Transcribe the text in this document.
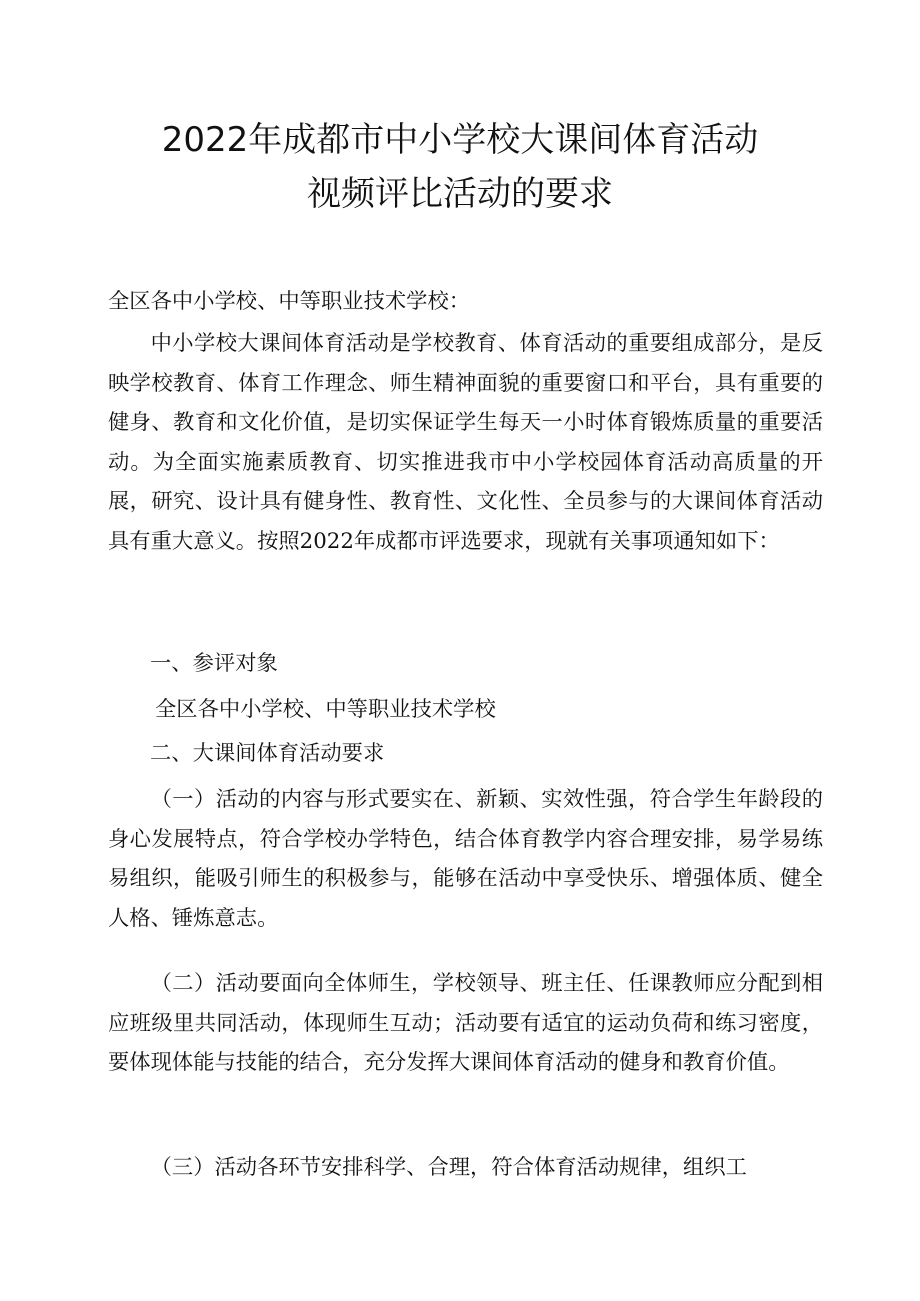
2022年成都市中小学校大课间体育活动
视频评比活动的要求
全区各中小学校、中等职业技术学校：

中小学校大课间体育活动是学校教育、体育活动的重要组成部分，是反映学校教育、体育工作理念、师生精神面貌的重要窗口和平台，具有重要的健身、教育和文化价值，是切实保证学生每天一小时体育锻炼质量的重要活动。为全面实施素质教育、切实推进我市中小学校园体育活动高质量的开展，研究、设计具有健身性、教育性、文化性、全员参与的大课间体育活动具有重大意义。按照2022年成都市评选要求，现就有关事项通知如下：

一、参评对象
全区各中小学校、中等职业技术学校
二、大课间体育活动要求

（一）活动的内容与形式要实在、新颖、实效性强，符合学生年龄段的身心发展特点，符合学校办学特色，结合体育教学内容合理安排，易学易练易组织，能吸引师生的积极参与，能够在活动中享受快乐、增强体质、健全人格、锤炼意志。

（二）活动要面向全体师生，学校领导、班主任、任课教师应分配到相应班级里共同活动，体现师生互动；活动要有适宜的运动负荷和练习密度，要体现体能与技能的结合，充分发挥大课间体育活动的健身和教育价值。

（三）活动各环节安排科学、合理，符合体育活动规律，组织工
